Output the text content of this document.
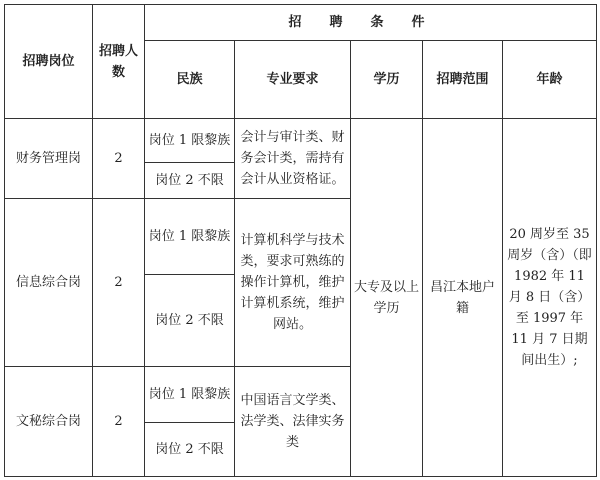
招聘岗位	招聘人数	招聘条件				
		民族	专业要求	学历	招聘范围	年龄
财务管理岗	2	岗位 1 限黎族	会计与审计类、财务会计类，需持有会计从业资格证。	大专及以上学历	昌江本地户籍	20 周岁至 35 周岁（含）（即 1982 年 11 月 8 日（含）至 1997 年 11 月 7 日期间出生）;
		岗位 2 不限				
信息综合岗	2	岗位 1 限黎族	计算机科学与技术类，要求可熟练的操作计算机，维护计算机系统，维护网站。			
		岗位 2 不限				
文秘综合岗	2	岗位 1 限黎族	中国语言文学类、法学类、法律实务类			
		岗位 2 不限				
